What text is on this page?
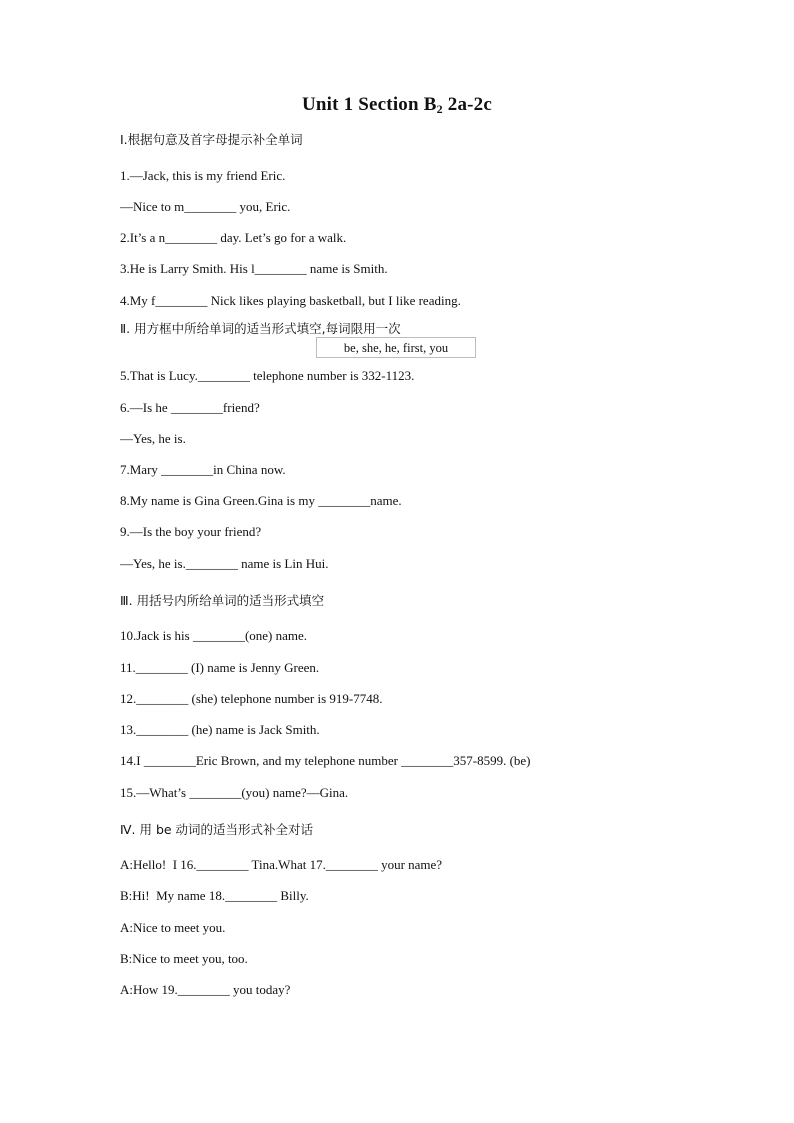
Unit 1 Section $B_2$ 2a-2c
Ⅰ.根据句意及首字母提示补全单词
1.—Jack, this is my friend Eric.
—Nice to m________ you, Eric.
2.It’s a n________ day. Let’s go for a walk.
3.He is Larry Smith. His l________ name is Smith.
4.My f________ Nick likes playing basketball, but I like reading.
Ⅱ. 用方框中所给单词的适当形式填空,每词限用一次
be, she, he, first, you
5.That is Lucy.________ telephone number is 332-1123.
6.—Is he ________friend?
—Yes, he is.
7.Mary ________in China now.
8.My name is Gina Green.Gina is my ________name.
9.—Is the boy your friend?
—Yes, he is.________ name is Lin Hui.
Ⅲ. 用括号内所给单词的适当形式填空
10.Jack is his ________(one) name.
11.________ (I) name is Jenny Green.
12.________ (she) telephone number is 919-7748.
13.________ (he) name is Jack Smith.
14.I ________Eric Brown, and my telephone number ________357-8599. (be)
15.—What’s ________(you) name?—Gina.
Ⅳ. 用 be 动词的适当形式补全对话
A:Hello!  I 16.________ Tina.What 17.________ your name?
B:Hi!  My name 18.________ Billy.
A:Nice to meet you.
B:Nice to meet you, too.
A:How 19.________ you today?
